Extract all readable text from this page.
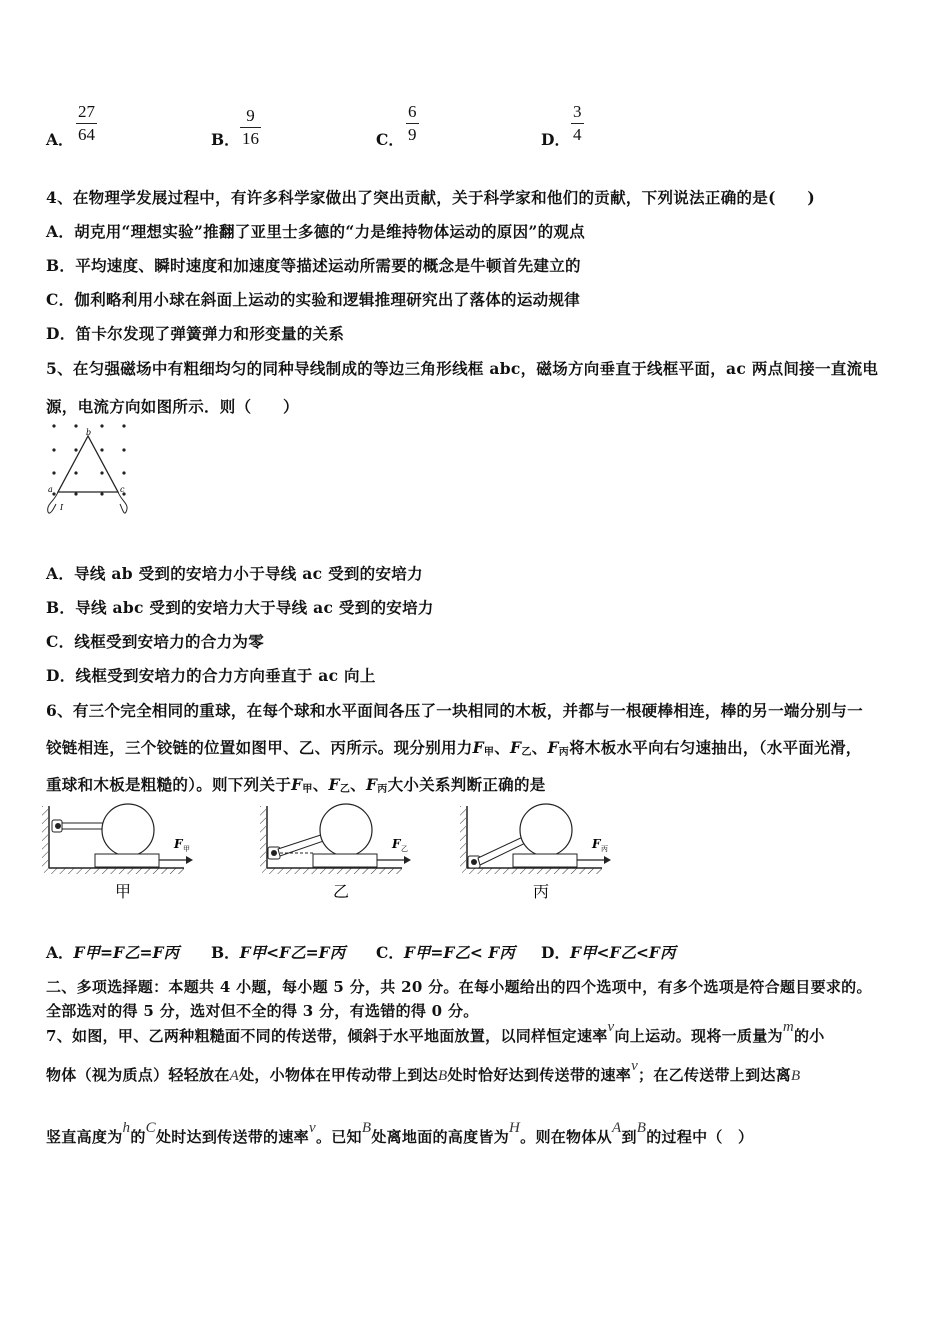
A．
27
64	B．
9
16	C．
6
9	D．
3
4
4、在物理学发展过程中，有许多科学家做出了突出贡献，关于科学家和他们的贡献，下列说法正确的是(　　)
A．胡克用“理想实验”推翻了亚里士多德的“力是维持物体运动的原因”的观点
B．平均速度、瞬时速度和加速度等描述运动所需要的概念是牛顿首先建立的
C．伽利略利用小球在斜面上运动的实验和逻辑推理研究出了落体的运动规律
D．笛卡尔发现了弹簧弹力和形变量的关系
5、在匀强磁场中有粗细均匀的同种导线制成的等边三角形线框 abc，磁场方向垂直于线框平面，ac 两点间接一直流电
源，电流方向如图所示．则（　　）
b
a	c
I
A．导线 ab 受到的安培力小于导线 ac 受到的安培力
B．导线 abc 受到的安培力大于导线 ac 受到的安培力
C．线框受到安培力的合力为零
D．线框受到安培力的合力方向垂直于 ac 向上
6、有三个完全相同的重球，在每个球和水平面间各压了一块相同的木板，并都与一根硬棒相连，棒的另一端分别与一
铰链相连，三个铰链的位置如图甲、乙、丙所示。现分别用力$F_甲$、$F_乙$、$F_丙$将木板水平向右匀速抽出，（水平面光滑，
重球和木板是粗糙的）。则下列关于$F_甲$、$F_乙$、$F_丙$大小关系判断正确的是
F 甲
甲
F 乙
乙
F 丙
丙
A．F甲=F乙=F丙 B．F甲<F乙=F丙 C．F甲=F乙< F丙 D．F甲<F乙<F丙
二、多项选择题：本题共 4 小题，每小题 5 分，共 20 分。在每小题给出的四个选项中，有多个选项是符合题目要求的。
全部选对的得 5 分，选对但不全的得 3 分，有选错的得 0 分。
7、如图，甲、乙两种粗糙面不同的传送带，倾斜于水平地面放置，以同样恒定速率v向上运动。现将一质量为m的小
物体（视为质点）轻轻放在A处，小物体在甲传动带上到达B处时恰好达到传送带的速率v；在乙传送带上到达离B
竖直高度为h的C处时达到传送带的速率v。已知B处离地面的高度皆为H。则在物体从A到B的过程中（　）
